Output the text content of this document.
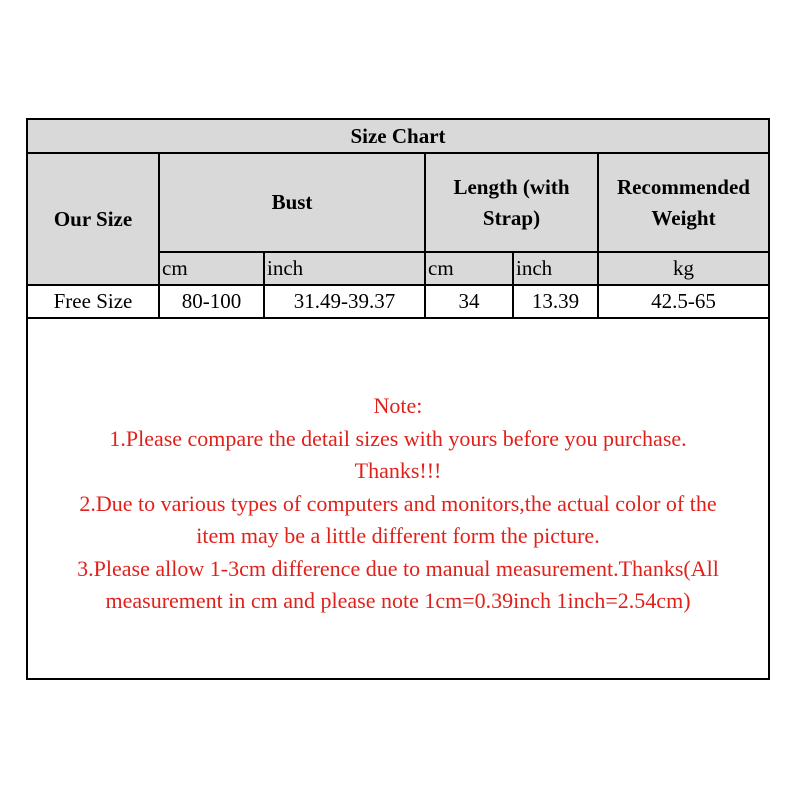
Size Chart					
Our Size	Bust		Length (with Strap)		Recommended Weight
	cm	inch	cm	inch	kg
Free Size	80-100	31.49-39.37	34	13.39	42.5-65
Note:
1.Please compare the detail sizes with yours before you purchase.
Thanks!!!
2.Due to various types of computers and monitors,the actual color of the
item may be a little different form the picture.
3.Please allow 1-3cm difference due to manual measurement.Thanks(All
measurement in cm and please note 1cm=0.39inch 1inch=2.54cm)
